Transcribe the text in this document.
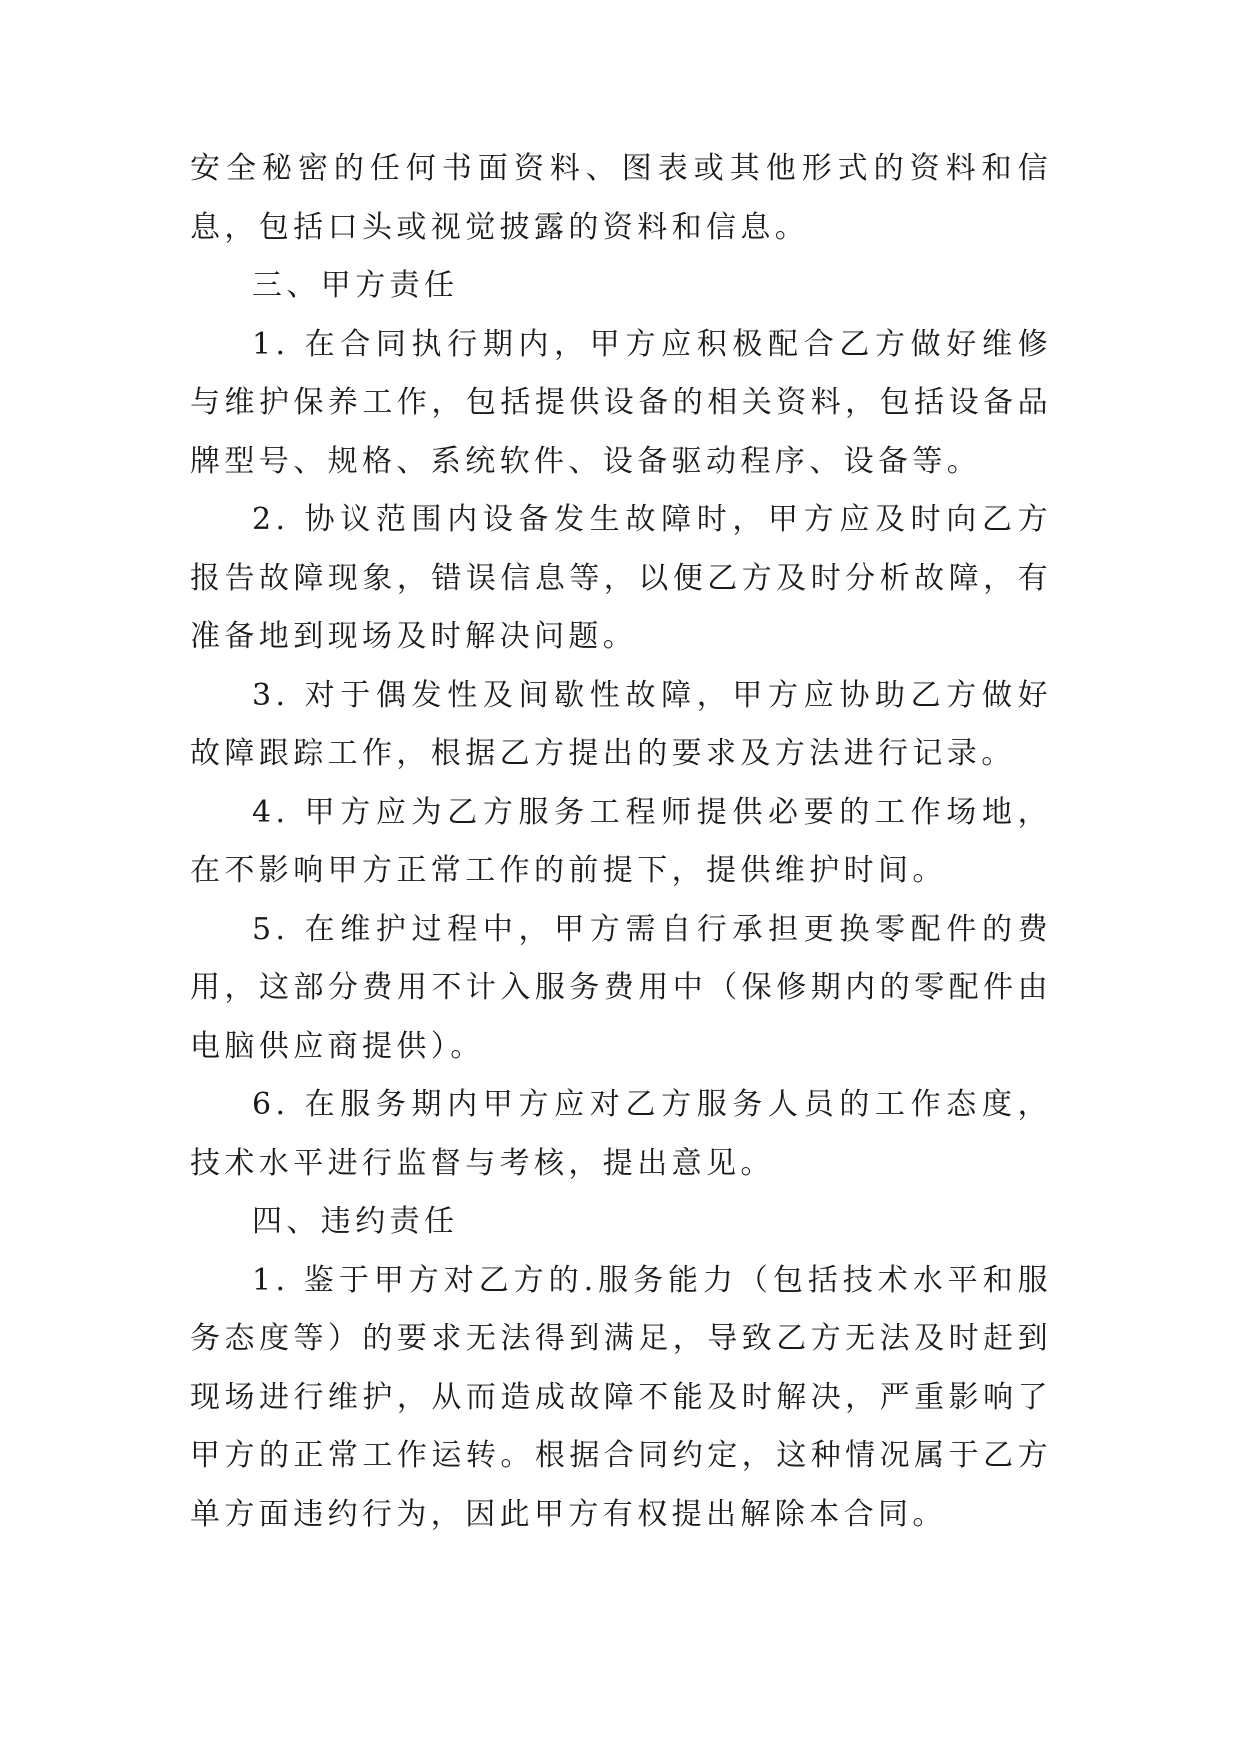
安全秘密的任何书面资料、图表或其他形式的资料和信息，包括口头或视觉披露的资料和信息。

三、甲方责任

1. 在合同执行期内，甲方应积极配合乙方做好维修与维护保养工作，包括提供设备的相关资料，包括设备品牌型号、规格、系统软件、设备驱动程序、设备等。

2. 协议范围内设备发生故障时，甲方应及时向乙方报告故障现象，错误信息等，以便乙方及时分析故障，有准备地到现场及时解决问题。

3. 对于偶发性及间歇性故障，甲方应协助乙方做好故障跟踪工作，根据乙方提出的要求及方法进行记录。

4. 甲方应为乙方服务工程师提供必要的工作场地，在不影响甲方正常工作的前提下，提供维护时间。

5. 在维护过程中，甲方需自行承担更换零配件的费用，这部分费用不计入服务费用中（保修期内的零配件由电脑供应商提供）。

6. 在服务期内甲方应对乙方服务人员的工作态度，技术水平进行监督与考核，提出意见。

四、违约责任

1. 鉴于甲方对乙方的.服务能力（包括技术水平和服务态度等）的要求无法得到满足，导致乙方无法及时赶到现场进行维护，从而造成故障不能及时解决，严重影响了甲方的正常工作运转。根据合同约定，这种情况属于乙方单方面违约行为，因此甲方有权提出解除本合同。
